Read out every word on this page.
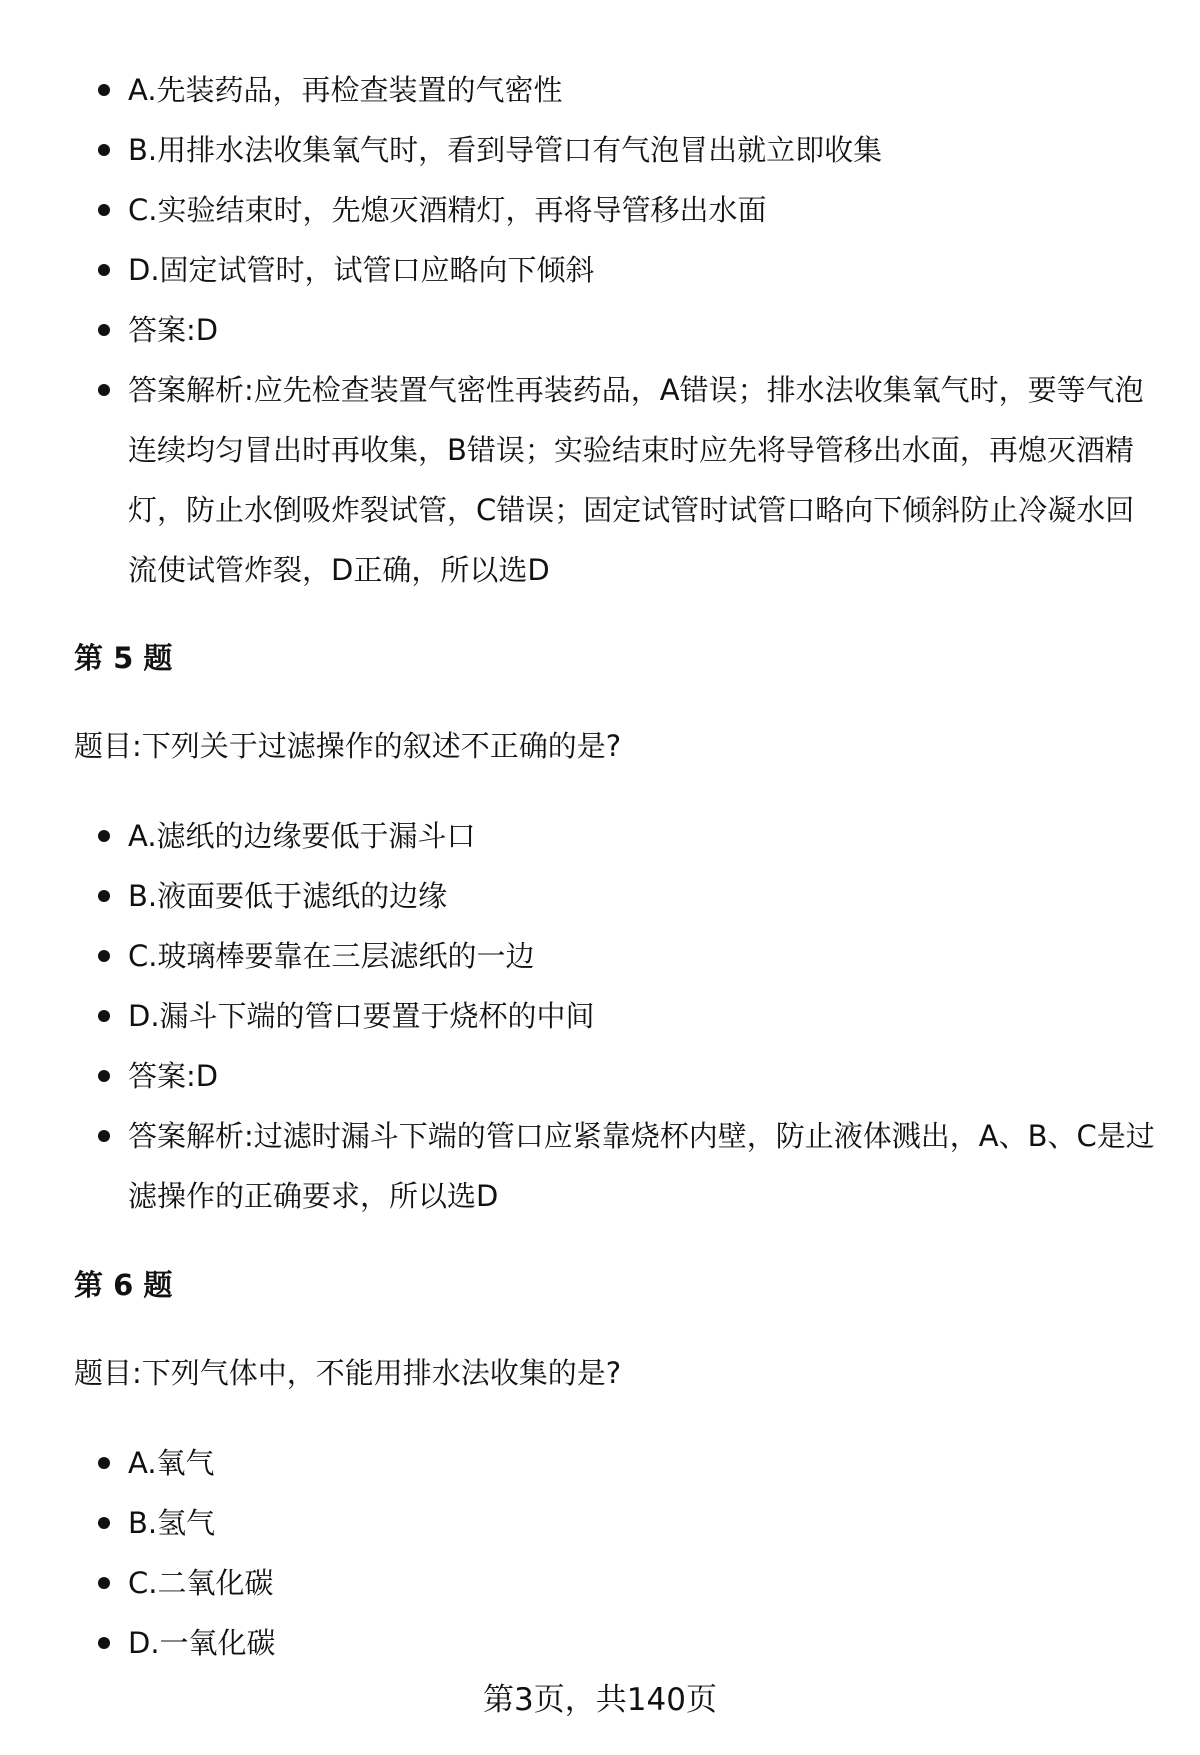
A.先装药品，再检查装置的气密性
B.用排水法收集氧气时，看到导管口有气泡冒出就立即收集
C.实验结束时，先熄灭酒精灯，再将导管移出水面
D.固定试管时，试管口应略向下倾斜
答案:D
答案解析:应先检查装置气密性再装药品，A错误；排水法收集氧气时，要等气泡连续均匀冒出时再收集，B错误；实验结束时应先将导管移出水面，再熄灭酒精灯，防止水倒吸炸裂试管，C错误；固定试管时试管口略向下倾斜防止冷凝水回流使试管炸裂，D正确，所以选D
第 5 题
题目:下列关于过滤操作的叙述不正确的是?
A.滤纸的边缘要低于漏斗口
B.液面要低于滤纸的边缘
C.玻璃棒要靠在三层滤纸的一边
D.漏斗下端的管口要置于烧杯的中间
答案:D
答案解析:过滤时漏斗下端的管口应紧靠烧杯内壁，防止液体溅出，A、B、C是过滤操作的正确要求，所以选D
第 6 题
题目:下列气体中，不能用排水法收集的是?
A.氧气
B.氢气
C.二氧化碳
D.一氧化碳
第3页，共140页
